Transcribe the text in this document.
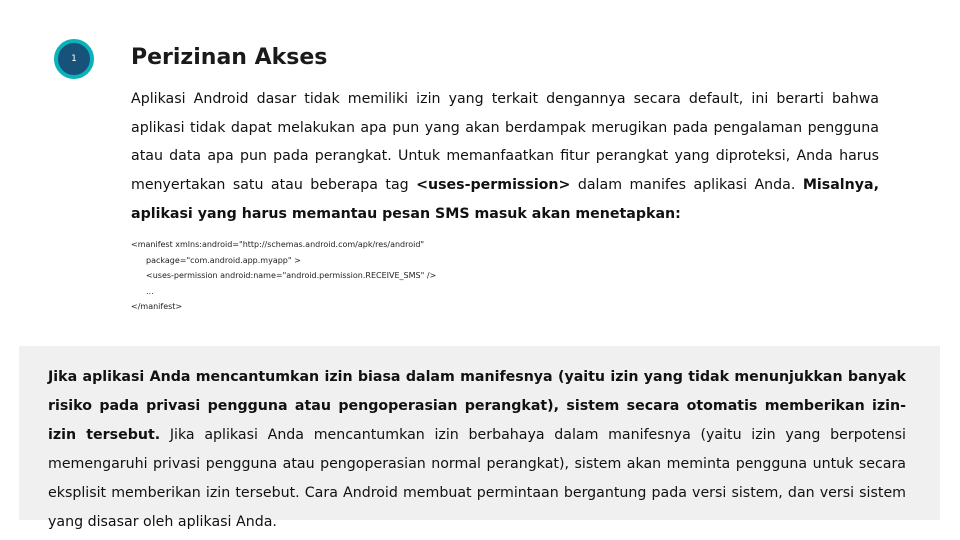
1 Perizinan Akses

Aplikasi Android dasar tidak memiliki izin yang terkait dengannya secara default, ini berarti bahwa aplikasi tidak dapat melakukan apa pun yang akan berdampak merugikan pada pengalaman pengguna atau data apa pun pada perangkat. Untuk memanfaatkan fitur perangkat yang diproteksi, Anda harus menyertakan satu atau beberapa tag <uses-permission> dalam manifes aplikasi Anda. Misalnya, aplikasi yang harus memantau pesan SMS masuk akan menetapkan:

<manifest xmlns:android="http://schemas.android.com/apk/res/android"
package="com.android.app.myapp" >
<uses-permission android:name="android.permission.RECEIVE_SMS" />
...
</manifest>

Jika aplikasi Anda mencantumkan izin biasa dalam manifesnya (yaitu izin yang tidak menunjukkan banyak risiko pada privasi pengguna atau pengoperasian perangkat), sistem secara otomatis memberikan izin-izin tersebut. Jika aplikasi Anda mencantumkan izin berbahaya dalam manifesnya (yaitu izin yang berpotensi memengaruhi privasi pengguna atau pengoperasian normal perangkat), sistem akan meminta pengguna untuk secara eksplisit memberikan izin tersebut. Cara Android membuat permintaan bergantung pada versi sistem, dan versi sistem yang disasar oleh aplikasi Anda.
